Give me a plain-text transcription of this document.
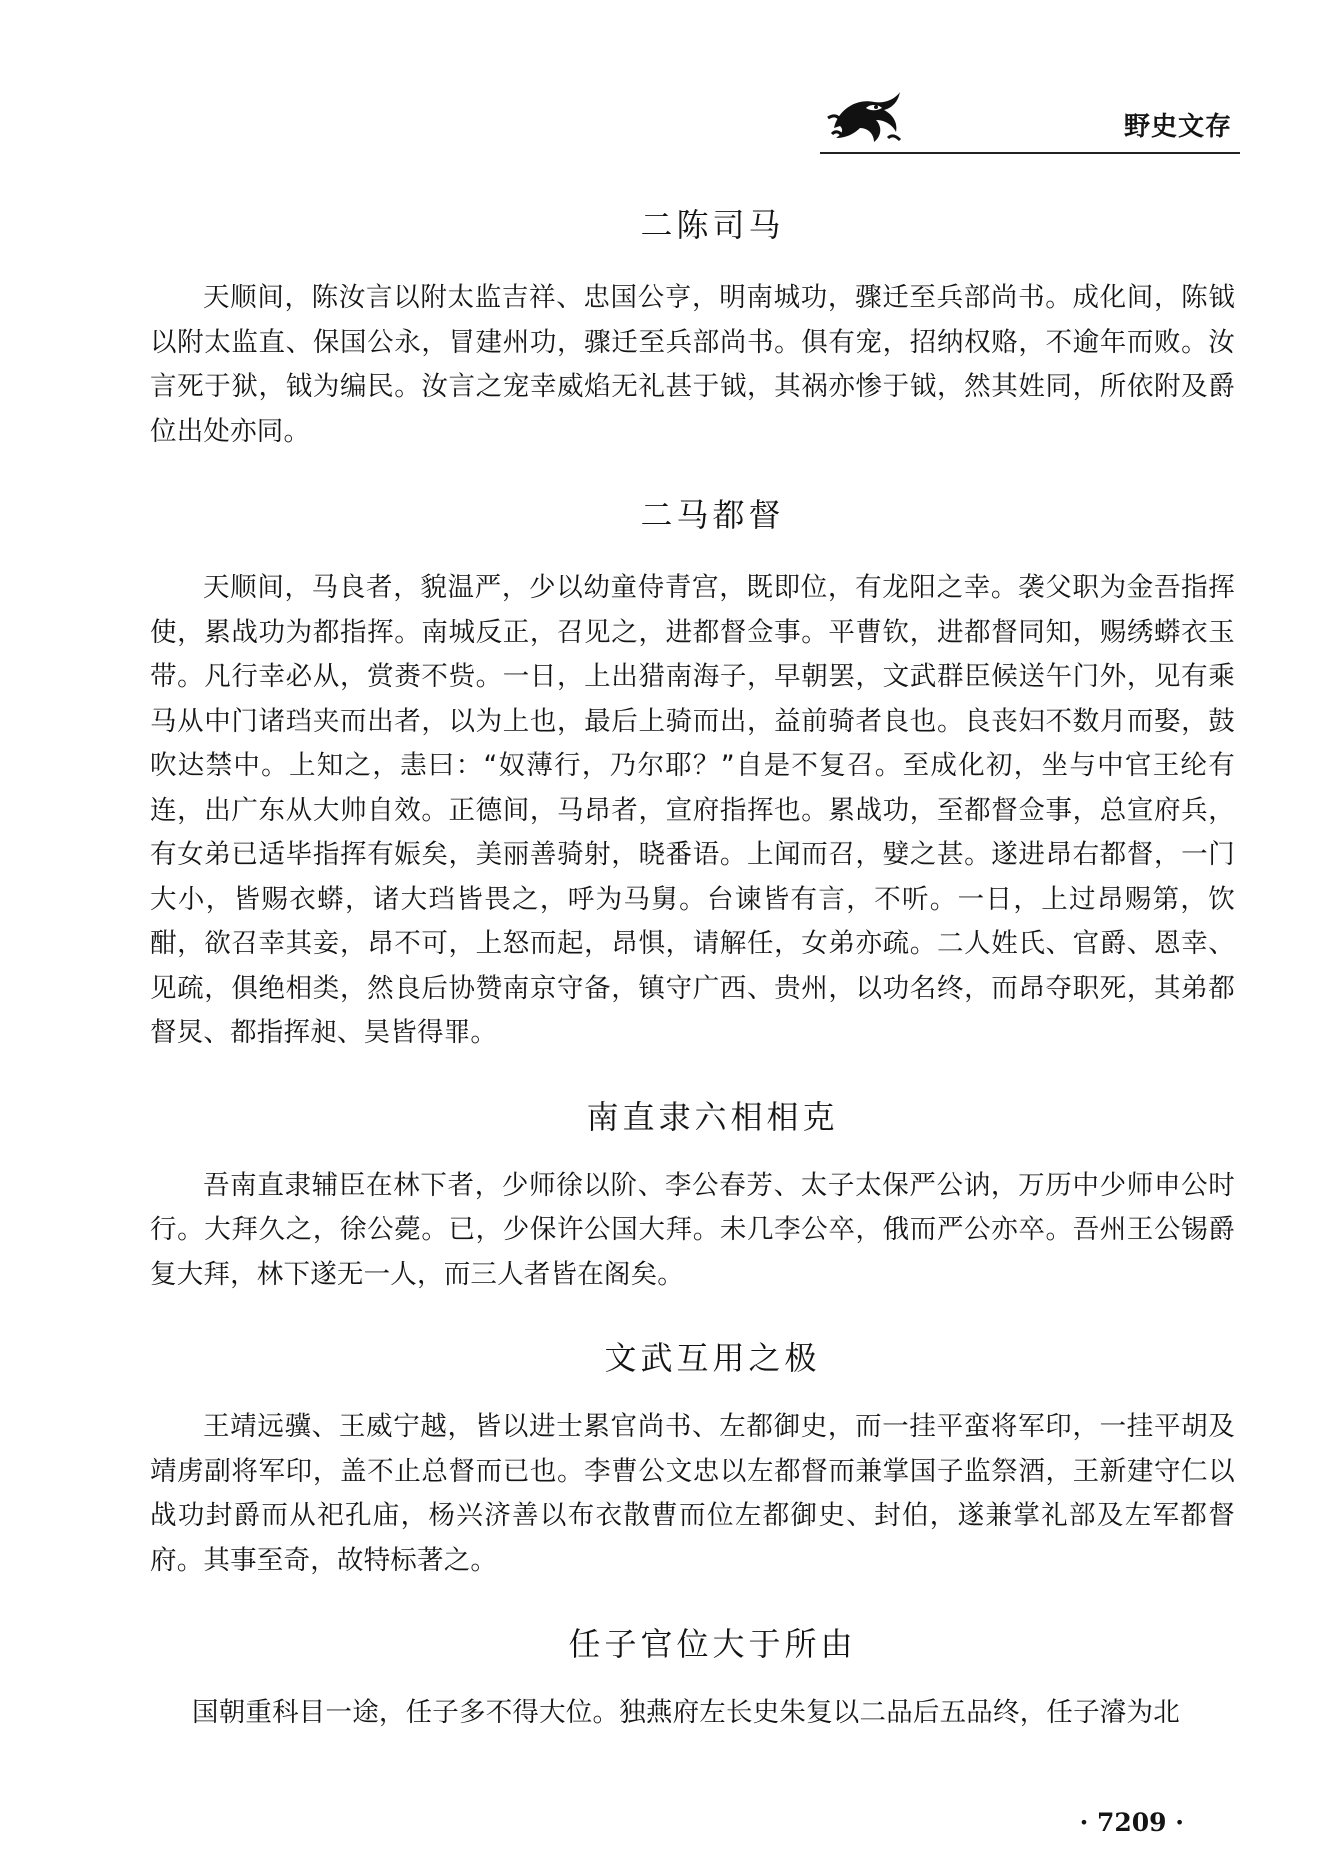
野史文存
二陈司马

天顺间，陈汝言以附太监吉祥、忠国公亨，明南城功，骤迁至兵部尚书。成化间，陈钺以附太监直、保国公永，冒建州功，骤迁至兵部尚书。俱有宠，招纳权赂，不逾年而败。汝言死于狱，钺为编民。汝言之宠幸威焰无礼甚于钺，其祸亦惨于钺，然其姓同，所依附及爵位出处亦同。

二马都督

天顺间，马良者，貌温严，少以幼童侍青宫，既即位，有龙阳之幸。袭父职为金吾指挥使，累战功为都指挥。南城反正，召见之，进都督佥事。平曹钦，进都督同知，赐绣蟒衣玉带。凡行幸必从，赏赉不赀。一日，上出猎南海子，早朝罢，文武群臣候送午门外，见有乘马从中门诸珰夹而出者，以为上也，最后上骑而出，益前骑者良也。良丧妇不数月而娶，鼓吹达禁中。上知之，恚曰：“奴薄行，乃尔耶？”自是不复召。至成化初，坐与中官王纶有连，出广东从大帅自效。正德间，马昂者，宣府指挥也。累战功，至都督佥事，总宣府兵，有女弟已适毕指挥有娠矣，美丽善骑射，晓番语。上闻而召，嬖之甚。遂进昂右都督，一门大小，皆赐衣蟒，诸大珰皆畏之，呼为马舅。台谏皆有言，不听。一日，上过昂赐第，饮酣，欲召幸其妾，昂不可，上怒而起，昂惧，请解任，女弟亦疏。二人姓氏、官爵、恩幸、见疏，俱绝相类，然良后协赞南京守备，镇守广西、贵州，以功名终，而昂夺职死，其弟都督炅、都指挥昶、昊皆得罪。

南直隶六相相克

吾南直隶辅臣在林下者，少师徐以阶、李公春芳、太子太保严公讷，万历中少师申公时行。大拜久之，徐公薨。已，少保许公国大拜。未几李公卒，俄而严公亦卒。吾州王公锡爵复大拜，林下遂无一人，而三人者皆在阁矣。

文武互用之极

王靖远骥、王威宁越，皆以进士累官尚书、左都御史，而一挂平蛮将军印，一挂平胡及靖虏副将军印，盖不止总督而已也。李曹公文忠以左都督而兼掌国子监祭酒，王新建守仁以战功封爵而从祀孔庙，杨兴济善以布衣散曹而位左都御史、封伯，遂兼掌礼部及左军都督府。其事至奇，故特标著之。

任子官位大于所由

国朝重科目一途，任子多不得大位。独燕府左长史朱复以二品后五品终，任子濬为北

· 7209 ·
